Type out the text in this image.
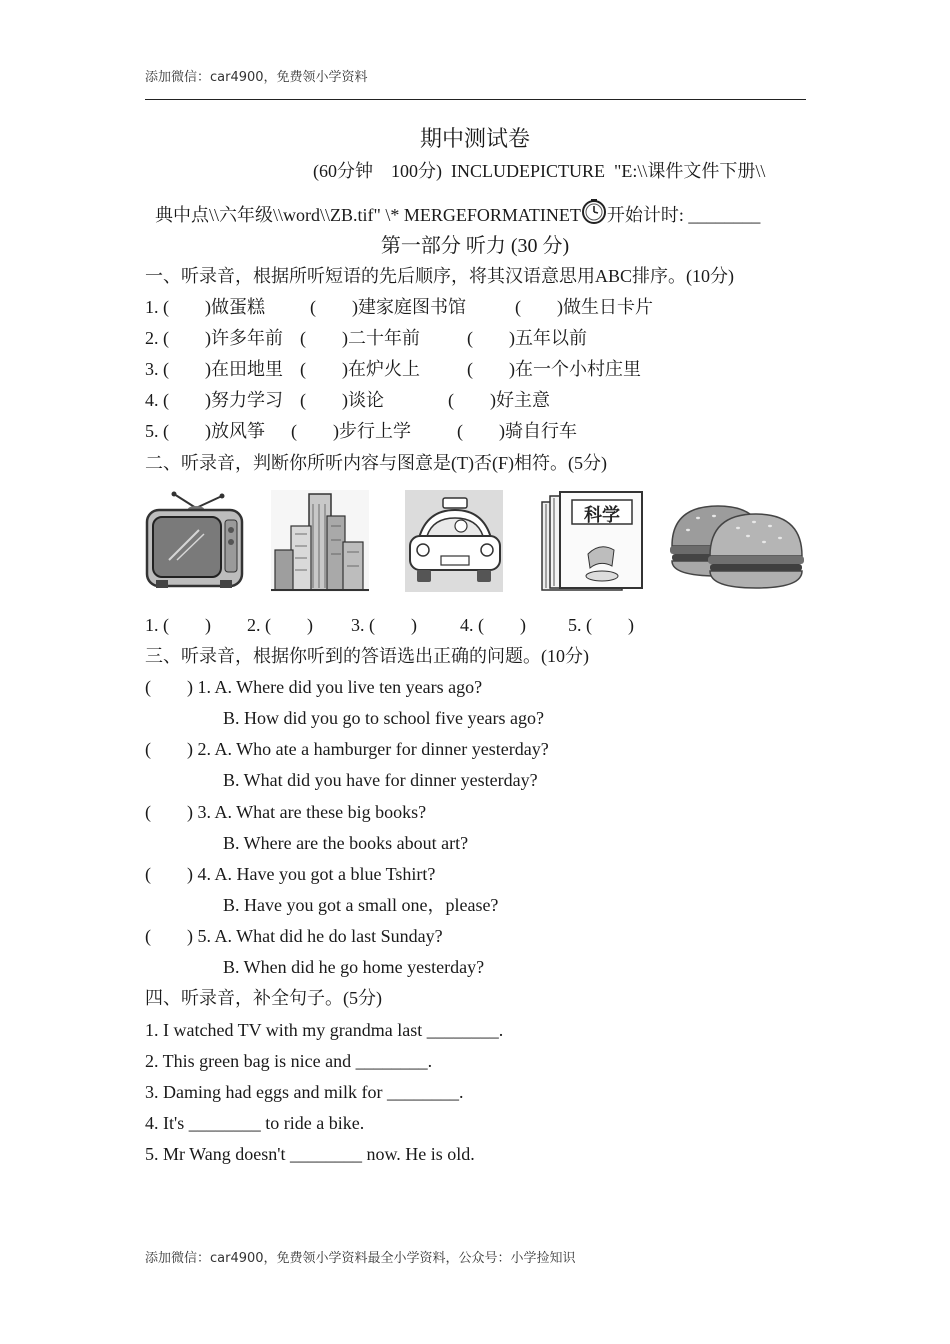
添加微信：car4900，免费领小学资料
期中测试卷
(60分钟    100分)  INCLUDEPICTURE  "E:\\课件文件下册\\
典中点\\六年级\\word\\ZB.tif" \* MERGEFORMATINET 开始计时: ________
第一部分 听力 (30 分)
一、听录音，根据所听短语的先后顺序，将其汉语意思用ABC排序。(10分)
1. (        )做蛋糕	(        )建家庭图书馆	(        )做生日卡片
2. (        )许多年前 (        )二十年前	(        )五年以前
3. (        )在田地里 (        )在炉火上	(        )在一个小村庄里
4. (        )努力学习 (        )谈论	(        )好主意
5. (        )放风筝 (        )步行上学	(        )骑自行车
二、听录音，判断你所听内容与图意是(T)否(F)相符。(5分)
科学
1. (        ) 2. (        ) 3. (        ) 4. (        ) 5. (        )
三、听录音，根据你听到的答语选出正确的问题。(10分)
(        ) 1. A. Where did you live ten years ago?
B. How did you go to school five years ago?
(        ) 2. A. Who ate a hamburger for dinner yesterday?
B. What did you have for dinner yesterday?
(        ) 3. A. What are these big books?
B. Where are the books about art?
(        ) 4. A. Have you got a blue Tshirt?
B. Have you got a small one，please?
(        ) 5. A. What did he do last Sunday?
B. When did he go home yesterday?
四、听录音，补全句子。(5分)
1. I watched TV with my grandma last ________.
2. This green bag is nice and ________.
3. Daming had eggs and milk for ________.
4. It's ________ to ride a bike.
5. Mr Wang doesn't ________ now. He is old.
添加微信：car4900，免费领小学资料最全小学资料，公众号：小学捡知识
